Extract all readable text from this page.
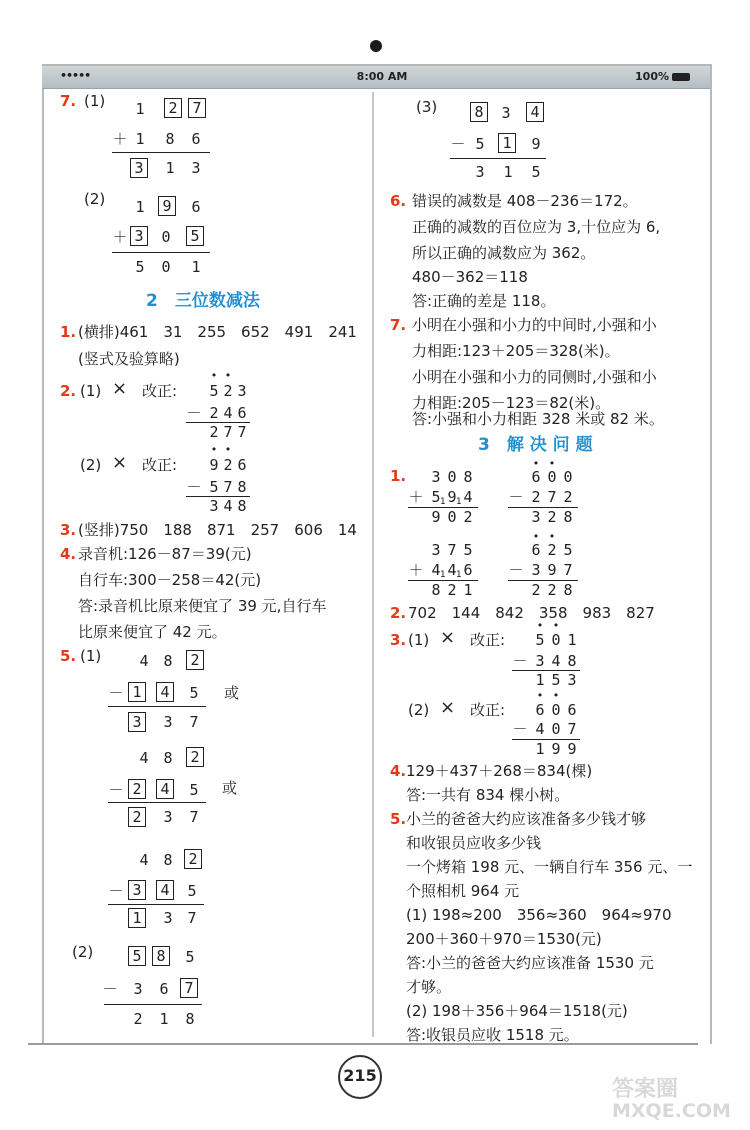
•••••	8:00 AM	100%
7. (1)	1	2 7
＋ 1	8	6
3	1	3
(2)	1	9	6
＋ 3	0	5
5	0	1
2　三位数减法
1. (横排)461　31　255　652　491　241
(竖式及验算略)
2. (1) × 改正:
• •
5 2 3
－ 2 4 6
2 7 7
(2) × 改正:
• •
9 2 6
－ 5 7 8
3 4 8
3. (竖排)750　188　871　257　606　14
4. 录音机:126－87＝39(元)
自行车:300－258＝42(元)
答:录音机比原来便宜了 39 元,自行车
比原来便宜了 42 元。
5. (1)	4 8	2
－ 1 4	5	或
3	3	7
4 8	2
－ 2 4	5	或
2	3	7
4 8	2
－ 3 4	5
1	3 7
(2)	5 8	5
－	3	6	7
2	1	8
(3) 8	3	4
－ 5	1	9
3	1	5
6. 错误的减数是 408－236＝172。
正确的减数的百位应为 3,十位应为 6,
所以正确的减数应为 362。
480－362＝118
答:正确的差是 118。
7. 小明在小强和小力的中间时,小强和小
力相距:123＋205＝328(米)。
小明在小强和小力的同侧时,小强和小
力相距:205－123＝82(米)。
答:小强和小力相距 328 米或 82 米。
3　解 决 问 题
1.	3 0 8
＋ 5 1 9 1 4
9 0 2
• •
6 0 0
－ 2 7 2
3 2 8
3 7 5
＋ 4 1 4 1 6
8 2 1
• •
6 2 5
－ 3 9 7
2 2 8
2. 702　144　842　358　983　827
3. (1) × 改正:
• •
5 0 1
－ 3 4 8
1 5 3
(2) × 改正:
• •
6 0 6
－ 4 0 7
1 9 9
4. 129＋437＋268＝834(棵)
答:一共有 834 棵小树。
5. 小兰的爸爸大约应该准备多少钱才够
和收银员应收多少钱
一个烤箱 198 元、一辆自行车 356 元、一
个照相机 964 元
(1) 198≈200　356≈360　964≈970
200＋360＋970＝1530(元)
答:小兰的爸爸大约应该准备 1530 元
才够。
(2) 198＋356＋964＝1518(元)
答:收银员应收 1518 元。
215
答案圈
MXQE.COM
